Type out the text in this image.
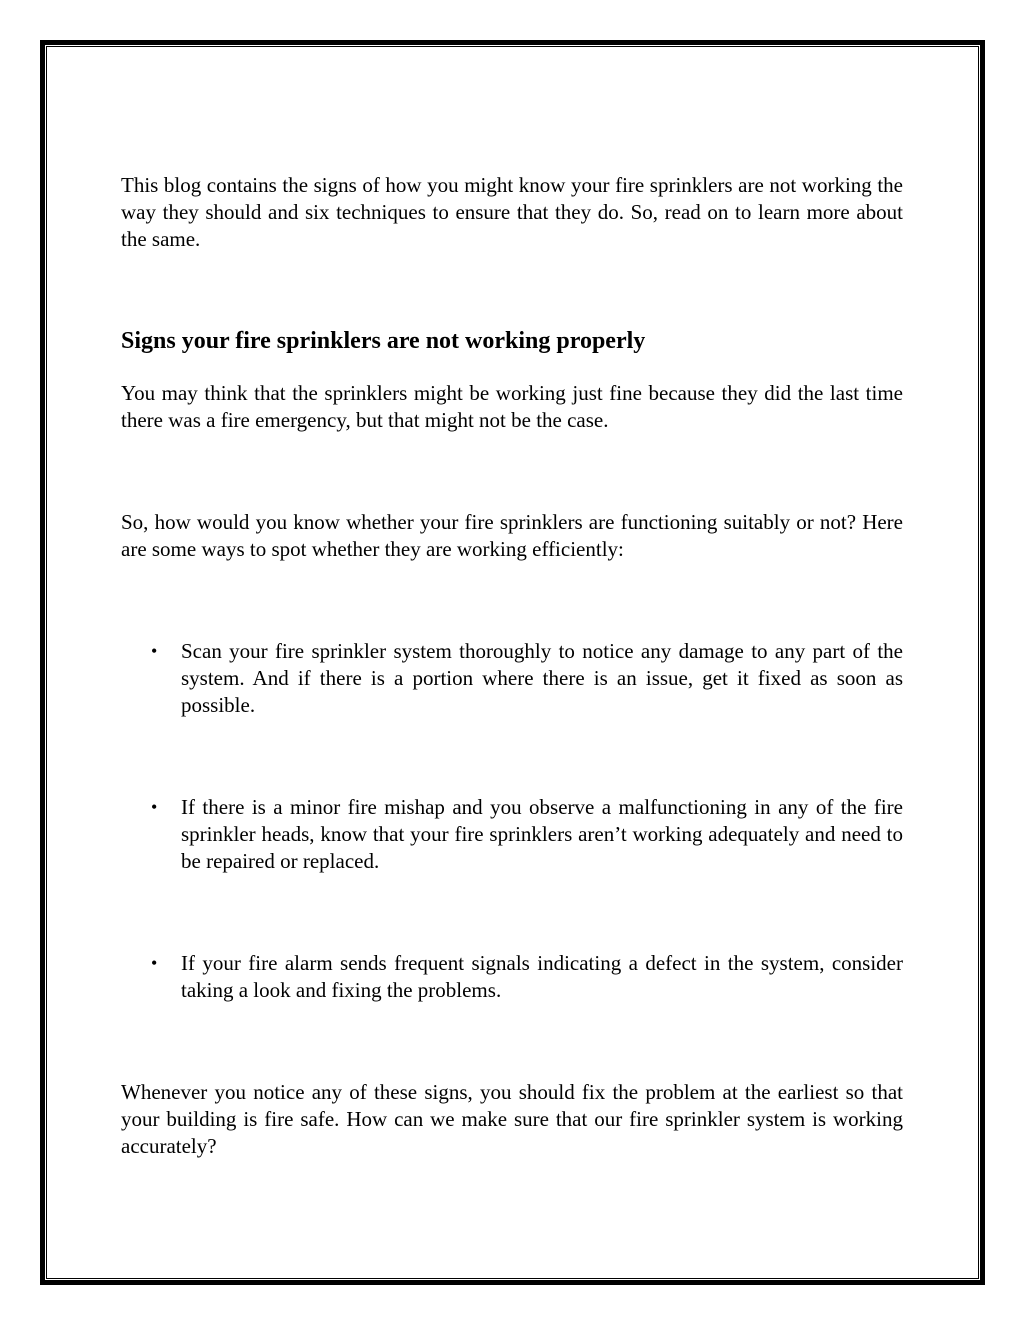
This blog contains the signs of how you might know your fire sprinklers are not working the way they should and six techniques to ensure that they do. So, read on to learn more about the same.

Signs your fire sprinklers are not working properly

You may think that the sprinklers might be working just fine because they did the last time there was a fire emergency, but that might not be the case.

So, how would you know whether your fire sprinklers are functioning suitably or not? Here are some ways to spot whether they are working efficiently:

• Scan your fire sprinkler system thoroughly to notice any damage to any part of the system. And if there is a portion where there is an issue, get it fixed as soon as possible.
• If there is a minor fire mishap and you observe a malfunctioning in any of the fire sprinkler heads, know that your fire sprinklers aren’t working adequately and need to be repaired or replaced.
• If your fire alarm sends frequent signals indicating a defect in the system, consider taking a look and fixing the problems.

Whenever you notice any of these signs, you should fix the problem at the earliest so that your building is fire safe. How can we make sure that our fire sprinkler system is working accurately?
